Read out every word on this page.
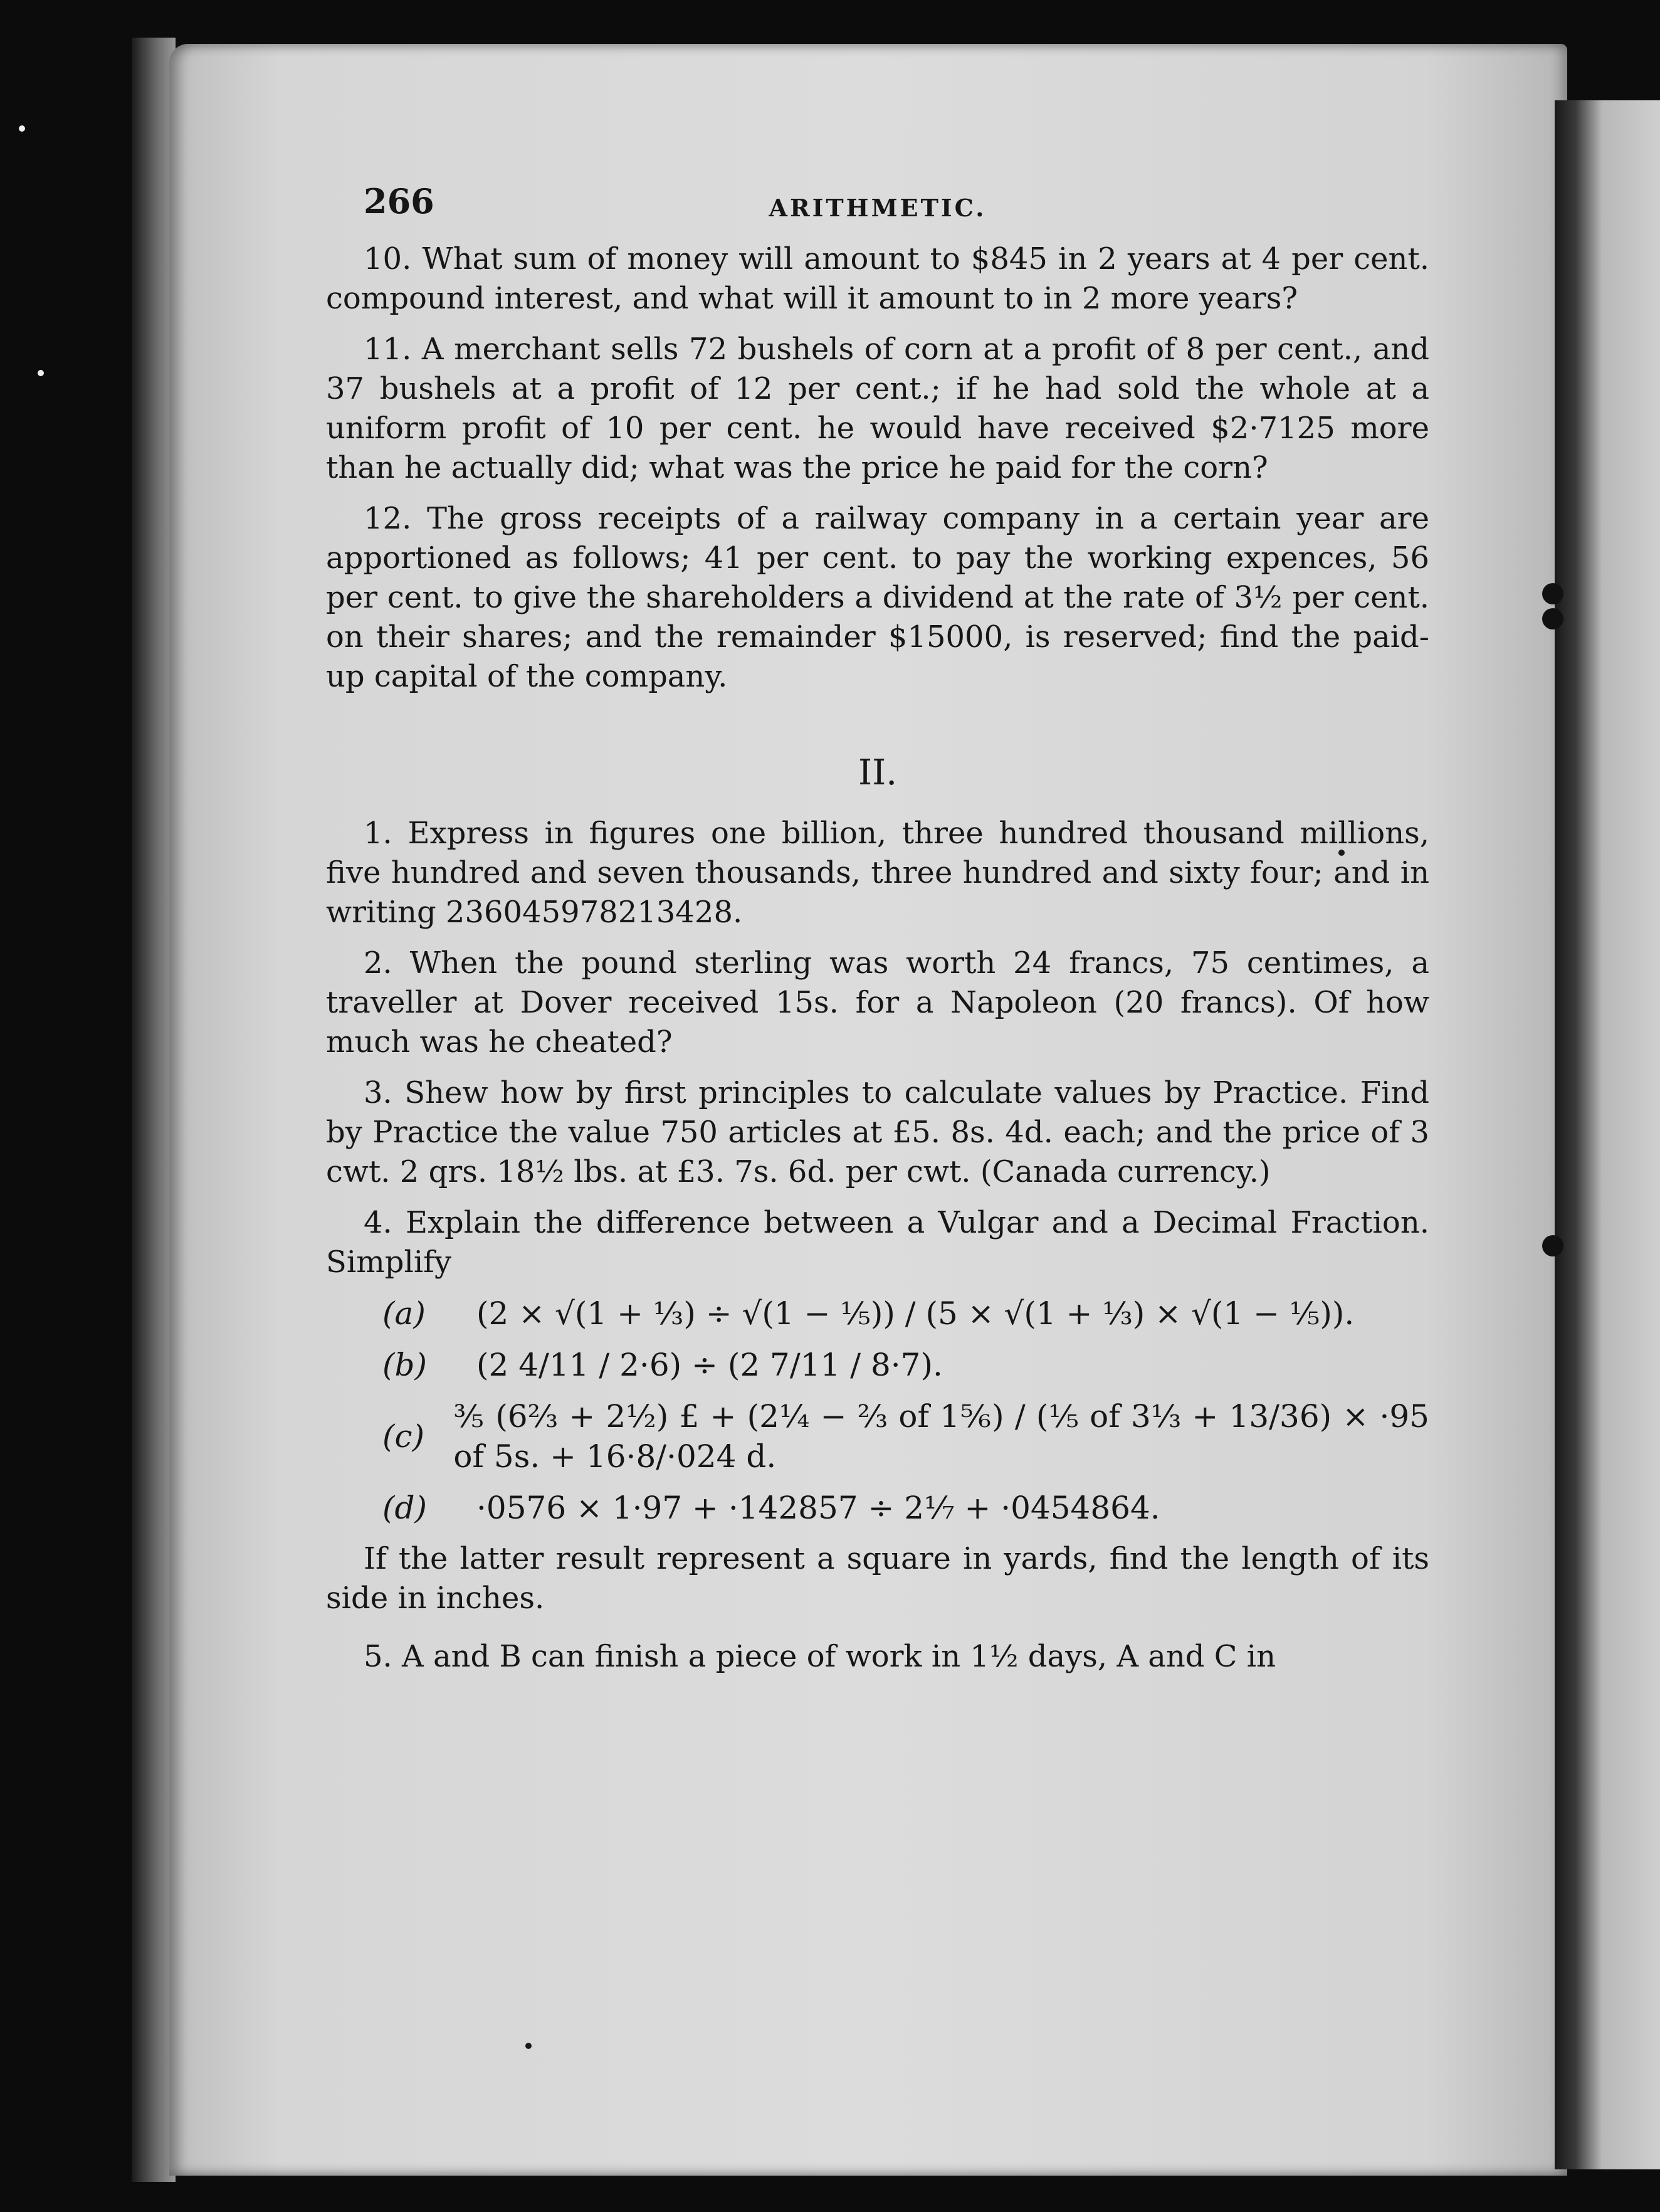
266	ARITHMETIC.

10. What sum of money will amount to $845 in 2 years at 4 per cent. compound interest, and what will it amount to in 2 more years?

11. A merchant sells 72 bushels of corn at a profit of 8 per cent., and 37 bushels at a profit of 12 per cent.; if he had sold the whole at a uniform profit of 10 per cent. he would have received $2·7125 more than he actually did; what was the price he paid for the corn?

12. The gross receipts of a railway company in a certain year are apportioned as follows; 41 per cent. to pay the working expences, 56 per cent. to give the shareholders a dividend at the rate of 3½ per cent. on their shares; and the remainder $15000, is reserved; find the paid-up capital of the company.

II.

1. Express in figures one billion, three hundred thousand millions, five hundred and seven thousands, three hundred and sixty four; and in writing 236045978213428.

2. When the pound sterling was worth 24 francs, 75 centimes, a traveller at Dover received 15s. for a Napoleon (20 francs). Of how much was he cheated?

3. Shew how by first principles to calculate values by Practice. Find by Practice the value 750 articles at £5. 8s. 4d. each; and the price of 3 cwt. 2 qrs. 18½ lbs. at £3. 7s. 6d. per cwt. (Canada currency.)

4. Explain the difference between a Vulgar and a Decimal Fraction. Simplify

(a)	(2 × √(1 + ⅓) ÷ √(1 − ⅕)) / (5 × √(1 + ⅓) × √(1 − ⅕)).
(b)	(2 4/11 / 2·6) ÷ (2 7/11 / 8·7).
(c)
⅗ (6⅔ + 2½) £ + (2¼ − ⅔ of 1⅚) / (⅕ of 3⅓ + 13/36) × ·95 of 5s. + 16·8/·024 d.
(d)	·0576 × 1·97 + ·142857 ÷ 2⅐ + ·0454864.

If the latter result represent a square in yards, find the length of its side in inches.

5. A and B can finish a piece of work in 1½ days, A and C in
